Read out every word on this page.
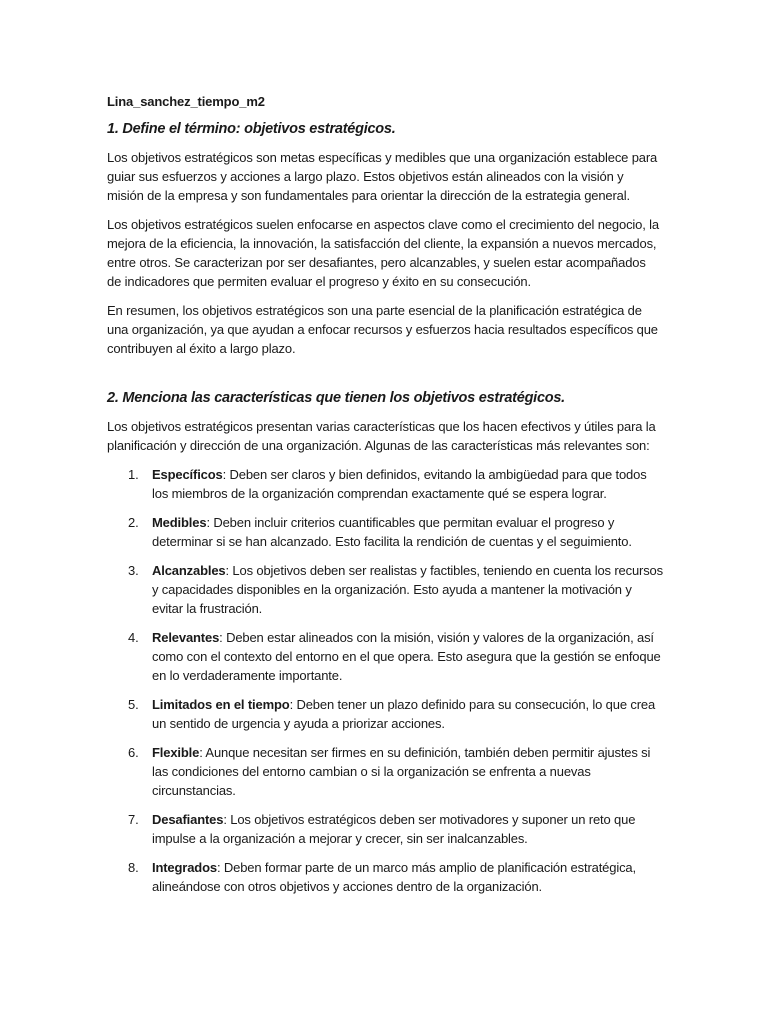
Lina_sanchez_tiempo_m2
1. Define el término: objetivos estratégicos.

Los objetivos estratégicos son metas específicas y medibles que una organización establece para guiar sus esfuerzos y acciones a largo plazo. Estos objetivos están alineados con la visión y misión de la empresa y son fundamentales para orientar la dirección de la estrategia general.

Los objetivos estratégicos suelen enfocarse en aspectos clave como el crecimiento del negocio, la mejora de la eficiencia, la innovación, la satisfacción del cliente, la expansión a nuevos mercados, entre otros. Se caracterizan por ser desafiantes, pero alcanzables, y suelen estar acompañados de indicadores que permiten evaluar el progreso y éxito en su consecución.

En resumen, los objetivos estratégicos son una parte esencial de la planificación estratégica de una organización, ya que ayudan a enfocar recursos y esfuerzos hacia resultados específicos que contribuyen al éxito a largo plazo.

2. Menciona las características que tienen los objetivos estratégicos.

Los objetivos estratégicos presentan varias características que los hacen efectivos y útiles para la planificación y dirección de una organización. Algunas de las características más relevantes son:

1. Específicos: Deben ser claros y bien definidos, evitando la ambigüedad para que todos los miembros de la organización comprendan exactamente qué se espera lograr.
2. Medibles: Deben incluir criterios cuantificables que permitan evaluar el progreso y determinar si se han alcanzado. Esto facilita la rendición de cuentas y el seguimiento.
3. Alcanzables: Los objetivos deben ser realistas y factibles, teniendo en cuenta los recursos y capacidades disponibles en la organización. Esto ayuda a mantener la motivación y evitar la frustración.
4. Relevantes: Deben estar alineados con la misión, visión y valores de la organización, así como con el contexto del entorno en el que opera. Esto asegura que la gestión se enfoque en lo verdaderamente importante.
5. Limitados en el tiempo: Deben tener un plazo definido para su consecución, lo que crea un sentido de urgencia y ayuda a priorizar acciones.
6. Flexible: Aunque necesitan ser firmes en su definición, también deben permitir ajustes si las condiciones del entorno cambian o si la organización se enfrenta a nuevas circunstancias.
7. Desafiantes: Los objetivos estratégicos deben ser motivadores y suponer un reto que impulse a la organización a mejorar y crecer, sin ser inalcanzables.
8. Integrados: Deben formar parte de un marco más amplio de planificación estratégica, alineándose con otros objetivos y acciones dentro de la organización.
